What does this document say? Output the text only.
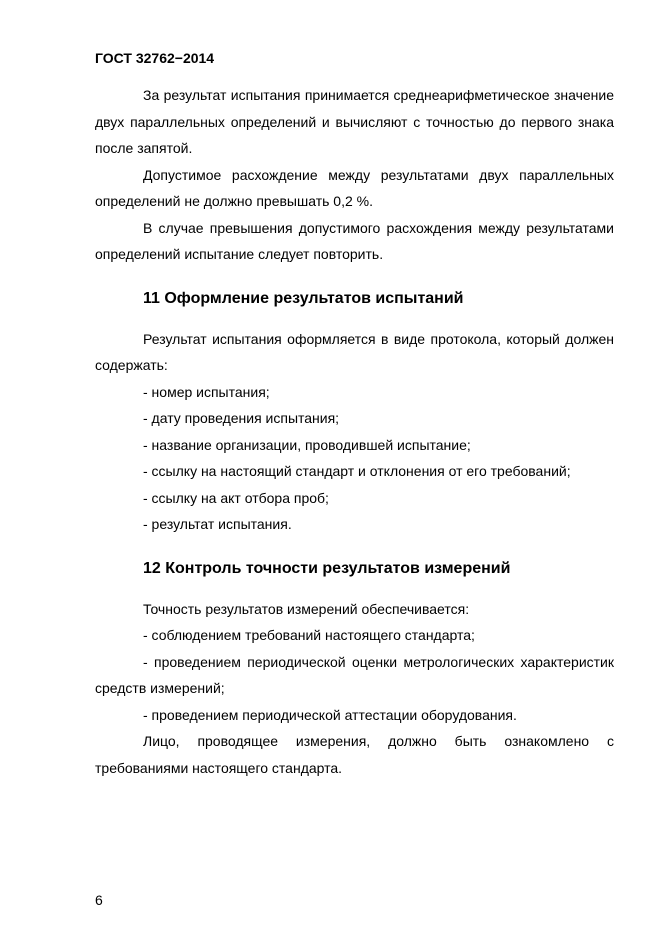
ГОСТ 32762−2014

За результат испытания принимается среднеарифметическое значение двух параллельных определений и вычисляют с точностью до первого знака после запятой.

Допустимое расхождение между результатами двух параллельных определений не должно превышать 0,2 %.

В случае превышения допустимого расхождения между результатами определений испытание следует повторить.

11 Оформление результатов испытаний

Результат испытания оформляется в виде протокола, который должен содержать:

- номер испытания;

- дату проведения испытания;

- название организации, проводившей испытание;

- ссылку на настоящий стандарт и отклонения от его требований;

- ссылку на акт отбора проб;

- результат испытания.

12 Контроль точности результатов измерений

Точность результатов измерений обеспечивается:

- соблюдением требований настоящего стандарта;

- проведением периодической оценки метрологических характеристик средств измерений;

- проведением периодической аттестации оборудования.

Лицо, проводящее измерения, должно быть ознакомлено с требованиями настоящего стандарта.

6
